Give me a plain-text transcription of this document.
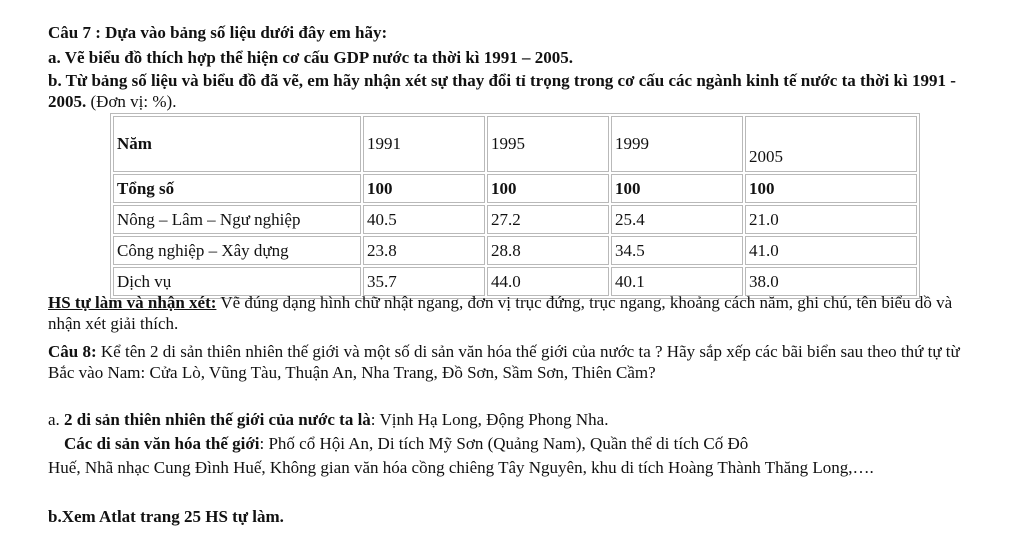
Câu 7 : Dựa vào bảng số liệu dưới đây em hãy:
a. Vẽ biểu đồ thích hợp thể hiện cơ cấu GDP nước ta thời kì 1991 – 2005.
b. Từ bảng số liệu và biểu đồ đã vẽ, em hãy nhận xét sự thay đổi tỉ trọng trong cơ cấu các ngành kinh tế nước ta thời kì 1991 - 2005. (Đơn vị: %).
Năm	1991	1995	1999	2005
Tổng số	100	100	100	100
Nông – Lâm – Ngư nghiệp	40.5	27.2	25.4	21.0
Công nghiệp – Xây dựng	23.8	28.8	34.5	41.0
Dịch vụ	35.7	44.0	40.1	38.0
HS tự làm và nhận xét: Vẽ đúng dạng hình chữ nhật ngang, đơn vị trục đứng, trục ngang, khoảng cách năm, ghi chú, tên biểu dồ và nhận xét giải thích.
Câu 8: Kể tên 2 di sản thiên nhiên thế giới và một số di sản văn hóa thế giới của nước ta ? Hãy sắp xếp các bãi biển sau theo thứ tự từ Bắc vào Nam: Cửa Lò, Vũng Tàu, Thuận An, Nha Trang, Đồ Sơn, Sầm Sơn, Thiên Cầm?
a. 2 di sản thiên nhiên thế giới của nước ta là: Vịnh Hạ Long, Động Phong Nha.
Các di sản văn hóa thế giới: Phố cổ Hội An, Di tích Mỹ Sơn (Quảng Nam), Quần thể di tích Cố Đô
Huế, Nhã nhạc Cung Đình Huế, Không gian văn hóa cồng chiêng Tây Nguyên, khu di tích Hoàng Thành Thăng Long,….
b.Xem Atlat trang 25 HS tự làm.
